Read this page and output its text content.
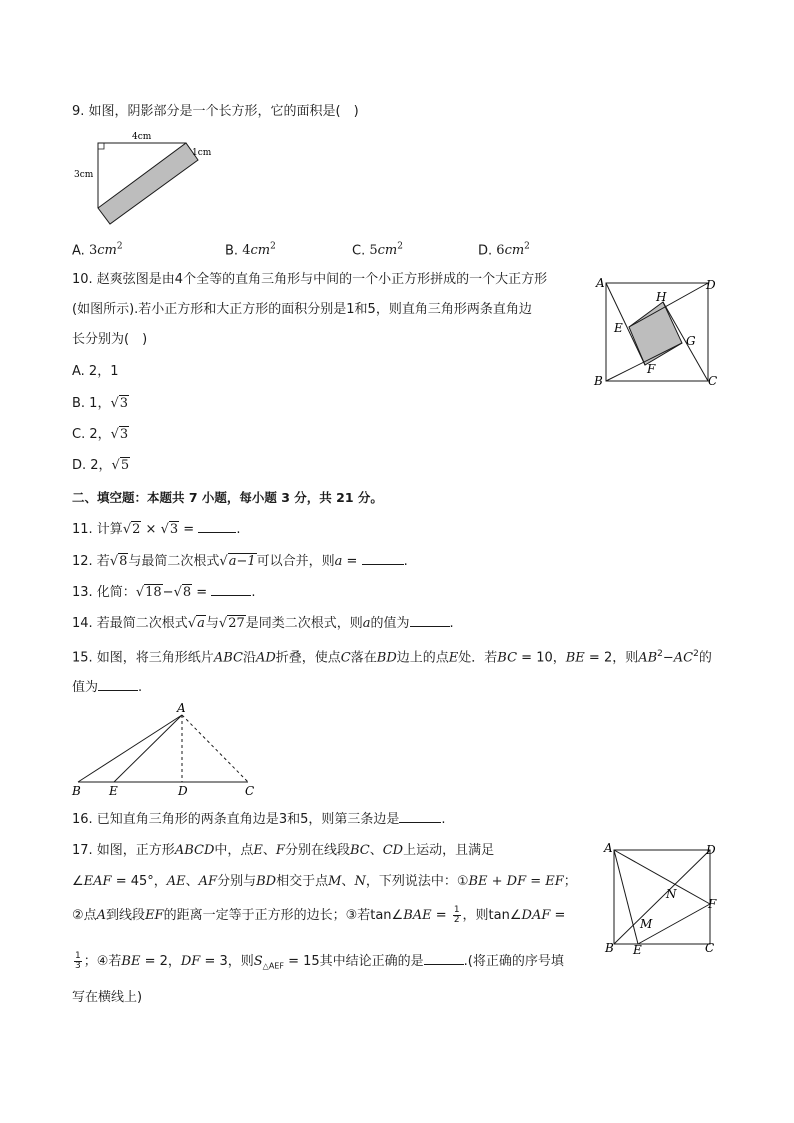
9. 如图，阴影部分是一个长方形，它的面积是(　)
4cm
3cm
1cm
A. $3cm^2$	B. $4cm^2$	C. $5cm^2$	D. $6cm^2$
10. 赵爽弦图是由4个全等的直角三角形与中间的一个小正方形拼成的一个大正方形
(如图所示).若小正方形和大正方形的面积分别是1和5，则直角三角形两条直角边
长分别为(　)
A. 2，1
B. 1，√3
C. 2，√3
D. 2，√5
A	D
H
E
G
F
B	C
二、填空题：本题共 7 小题，每小题 3 分，共 21 分。
11. 计算√2 × √3 =	.
12. 若√8与最简二次根式√a−1可以合并，则a =	.
13. 化简：√18−√8 =	.
14. 若最简二次根式√a与√27是同类二次根式，则a的值为	.
15. 如图，将三角形纸片ABC沿AD折叠，使点C落在BD边上的点E处．若BC = 10，BE = 2，则$AB^2-AC^2$的
值为	.
A
B E	D	C
16. 已知直角三角形的两条直角边是3和5，则第三条边是	.
17. 如图，正方形ABCD中，点E、F分别在线段BC、CD上运动，且满足
∠EAF = 45°，AE、AF分别与BD相交于点M、N，下列说法中：①BE + DF = EF；
②点A到线段EF的距离一定等于正方形的边长；③若tan∠BAE = $\frac{1}{2}$ ，则tan∠DAF =
$\frac{1}{3}$ ；④若BE = 2，DF = 3，则$S_{\triangle AEF} = 15$其中结论正确的是	.(将正确的序号填
写在横线上)
A	D
N
F
M
B E	C
